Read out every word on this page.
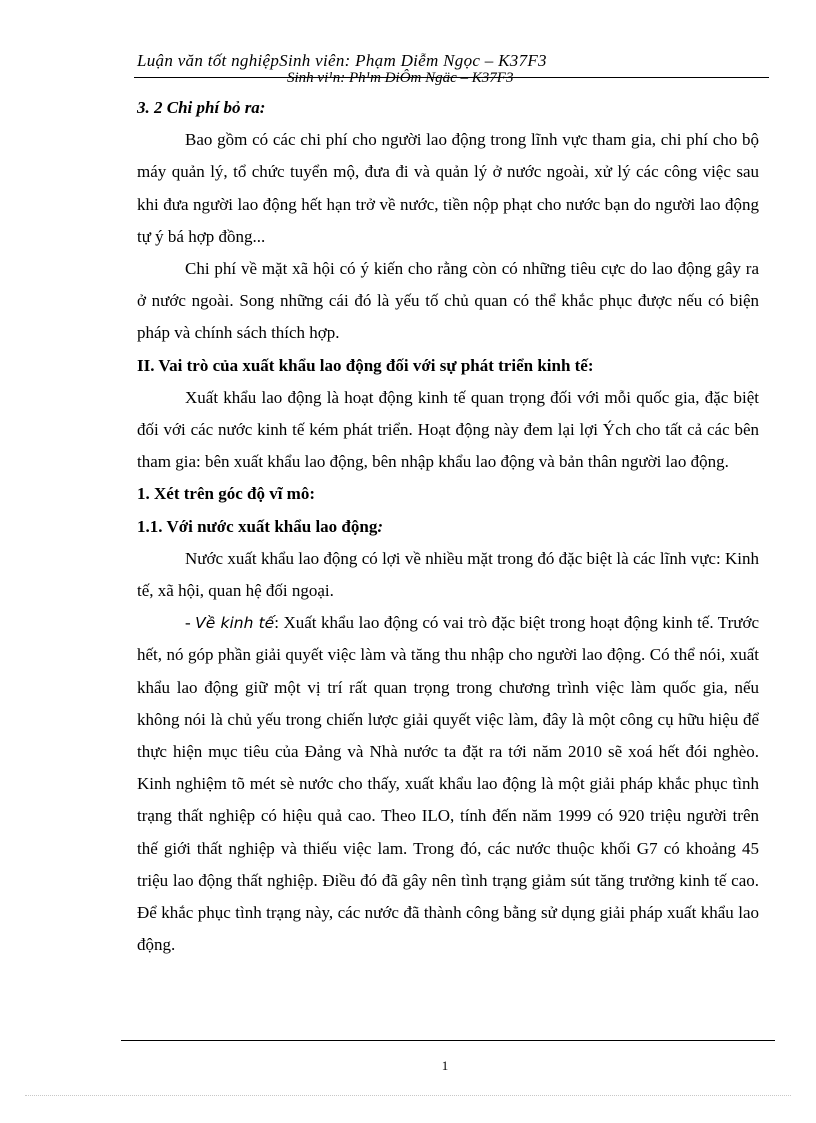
Luận văn tốt nghiệpSinh viên: Phạm Diễm Ngọc – K37F3
Sinh vi¹n: Ph¹m DiÔm Ngäc – K37F3
3. 2 Chi phí bỏ ra:

Bao gồm có các chi phí cho người lao động trong lĩnh vực tham gia, chi phí cho bộ máy quản lý, tổ chức tuyển mộ, đưa đi và quản lý ở nước ngoài, xử lý các công việc sau khi đưa người lao động hết hạn trở về nước, tiền nộp phạt cho nước bạn do người lao động tự ý bá hợp đồng...

Chi phí về mặt xã hội có ý kiến cho rằng còn có những tiêu cực do lao động gây ra ở nước ngoài. Song những cái đó là yếu tố chủ quan có thể khắc phục được nếu có biện pháp và chính sách thích hợp.

II. Vai trò của xuất khẩu lao động đối với sự phát triển kinh tế:

Xuất khẩu lao động là hoạt động kinh tế quan trọng đối với mỗi quốc gia, đặc biệt đối với các nước kinh tế kém phát triển. Hoạt động này đem lại lợi Ých cho tất cả các bên tham gia: bên xuất khẩu lao động, bên nhập khẩu lao động và bản thân người lao động.

1. Xét trên góc độ vĩ mô:
1.1. Với nước xuất khẩu lao động:

Nước xuất khẩu lao động có lợi về nhiều mặt trong đó đặc biệt là các lĩnh vực: Kinh tế, xã hội, quan hệ đối ngoại.

- Về kinh tế: Xuất khẩu lao động có vai trò đặc biệt trong hoạt động kinh tế. Trước hết, nó góp phần giải quyết việc làm và tăng thu nhập cho người lao động. Có thể nói, xuất khẩu lao động giữ một vị trí rất quan trọng trong chương trình việc làm quốc gia, nếu không nói là chủ yếu trong chiến lược giải quyết việc làm, đây là một công cụ hữu hiệu để thực hiện mục tiêu của Đảng và Nhà nước ta đặt ra tới năm 2010 sẽ xoá hết đói nghèo. Kinh nghiệm tõ mét sè nước cho thấy, xuất khẩu lao động là một giải pháp khắc phục tình trạng thất nghiệp có hiệu quả cao. Theo ILO, tính đến năm 1999 có 920 triệu người trên thế giới thất nghiệp và thiếu việc lam. Trong đó, các nước thuộc khối G7 có khoảng 45 triệu lao động thất nghiệp. Điều đó đã gây nên tình trạng giảm sút tăng trưởng kinh tế cao. Để khắc phục tình trạng này, các nước đã thành công bằng sử dụng giải pháp xuất khẩu lao động.

1
